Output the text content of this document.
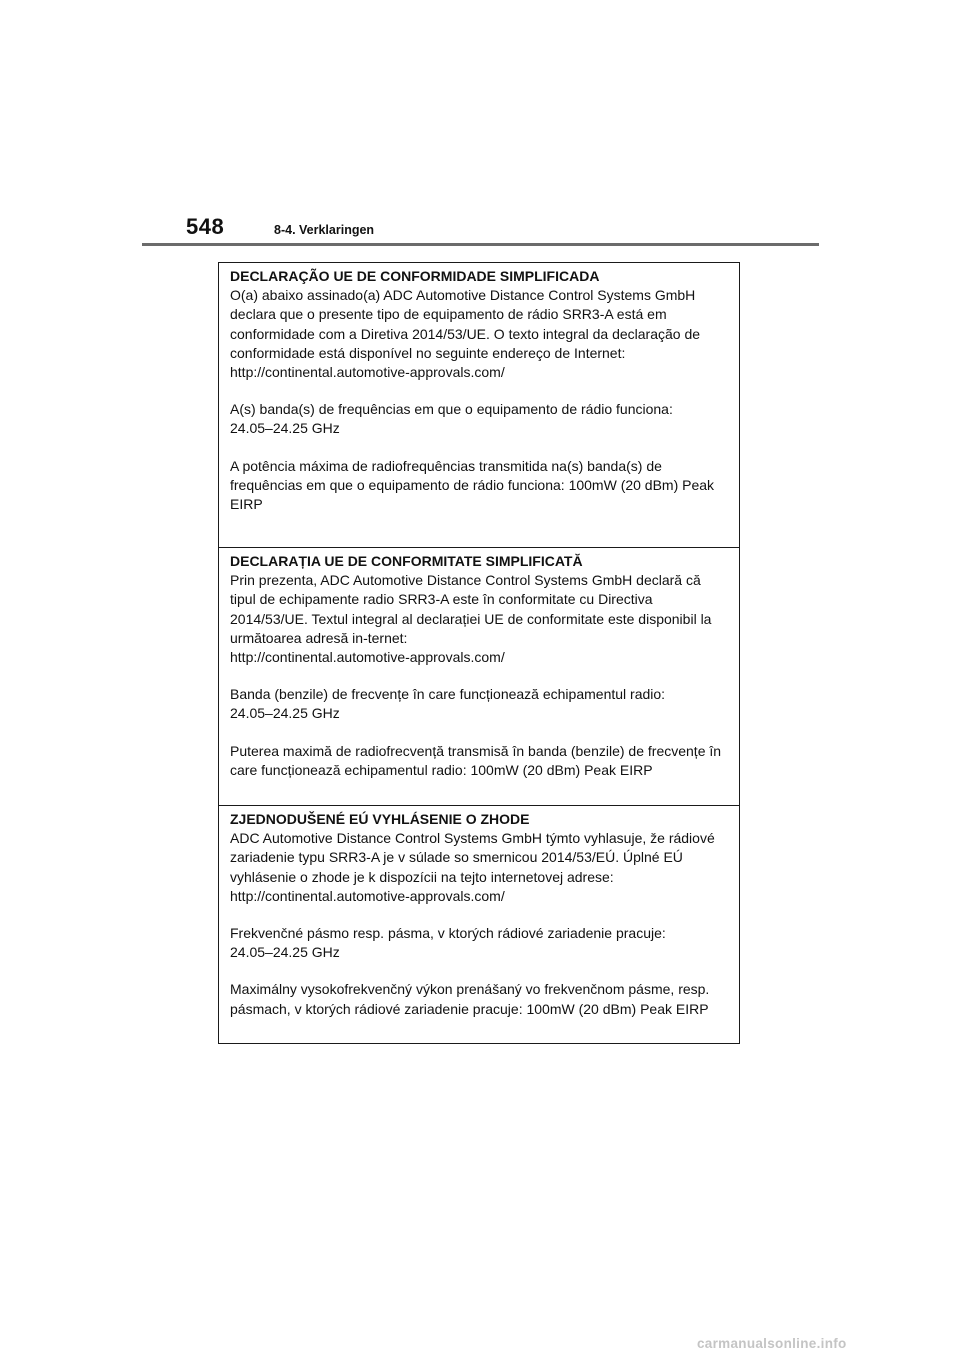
548	8-4. Verklaringen
DECLARAÇÃO UE DE CONFORMIDADE SIMPLIFICADA

O(a) abaixo assinado(a) ADC Automotive Distance Control Systems GmbH declara que o presente tipo de equipamento de rádio SRR3-A está em conformidade com a Diretiva 2014/53/UE. O texto integral da declaração de conformidade está disponível no seguinte endereço de Internet:

http://continental.automotive-approvals.com/

A(s) banda(s) de frequências em que o equipamento de rádio funciona:

24.05–24.25 GHz

A potência máxima de radiofrequências transmitida na(s) banda(s) de frequências em que o equipamento de rádio funciona: 100mW (20 dBm) Peak EIRP

DECLARAȚIA UE DE CONFORMITATE SIMPLIFICATĂ

Prin prezenta, ADC Automotive Distance Control Systems GmbH declară că tipul de echipamente radio SRR3-A este în conformitate cu Directiva 2014/53/UE. Textul integral al declarației UE de conformitate este disponibil la următoarea adresă in-ternet:

http://continental.automotive-approvals.com/

Banda (benzile) de frecvențe în care funcționează echipamentul radio:

24.05–24.25 GHz

Puterea maximă de radiofrecvență transmisă în banda (benzile) de frecvențe în care funcționează echipamentul radio: 100mW (20 dBm) Peak EIRP

ZJEDNODUŠENÉ EÚ VYHLÁSENIE O ZHODE

ADC Automotive Distance Control Systems GmbH týmto vyhlasuje, že rádiové zariadenie typu SRR3-A je v súlade so smernicou 2014/53/EÚ. Úplné EÚ vyhlásenie o zhode je k dispozícii na tejto internetovej adrese:

http://continental.automotive-approvals.com/

Frekvenčné pásmo resp. pásma, v ktorých rádiové zariadenie pracuje:

24.05–24.25 GHz

Maximálny vysokofrekvenčný výkon prenášaný vo frekvenčnom pásme, resp. pásmach, v ktorých rádiové zariadenie pracuje: 100mW (20 dBm) Peak EIRP

carmanualsonline.info
